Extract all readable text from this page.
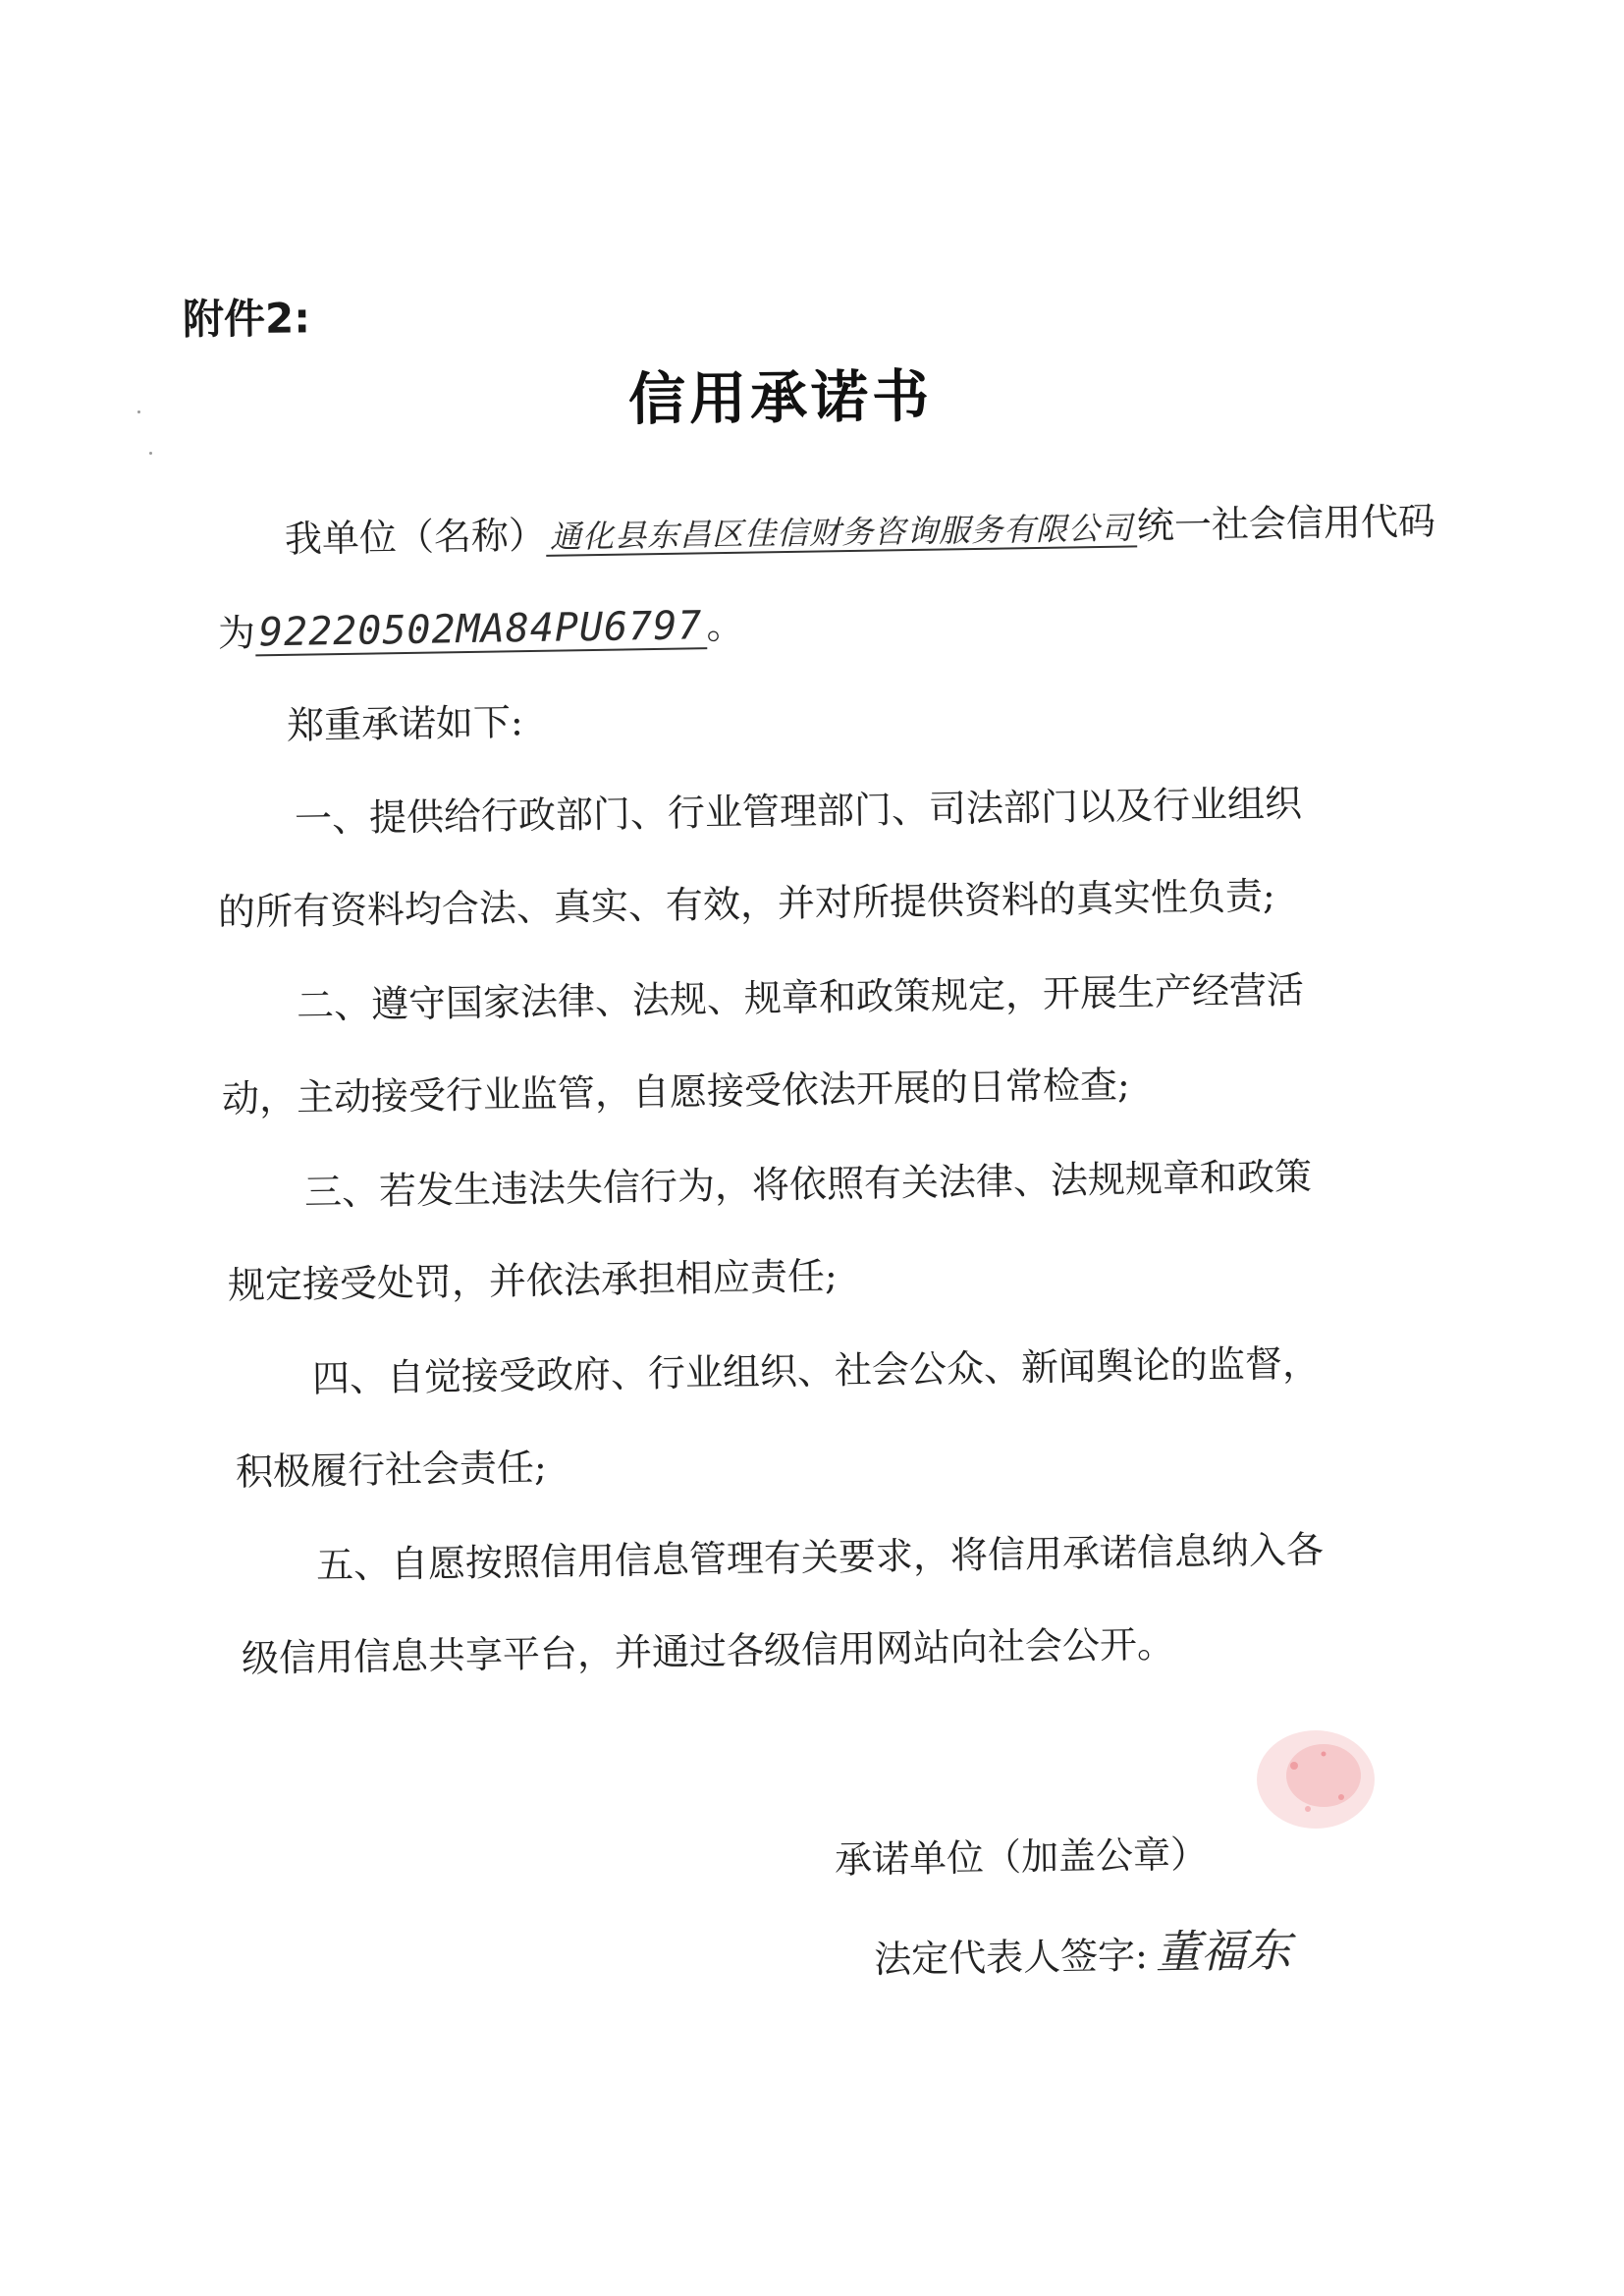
附件2:
信用承诺书
我单位（名称） 通化县东昌区佳信财务咨询服务有限公司统一社会信用代码
为92220502MA84PU6797。
郑重承诺如下:
一、提供给行政部门、行业管理部门、司法部门以及行业组织
的所有资料均合法、真实、有效，并对所提供资料的真实性负责;
二、遵守国家法律、法规、规章和政策规定，开展生产经营活
动，主动接受行业监管，自愿接受依法开展的日常检查;
三、若发生违法失信行为，将依照有关法律、法规规章和政策
规定接受处罚，并依法承担相应责任;
四、自觉接受政府、行业组织、社会公众、新闻舆论的监督，
积极履行社会责任;
五、自愿按照信用信息管理有关要求，将信用承诺信息纳入各
级信用信息共享平台，并通过各级信用网站向社会公开。
承诺单位（加盖公章）
法定代表人签字: 董福东
